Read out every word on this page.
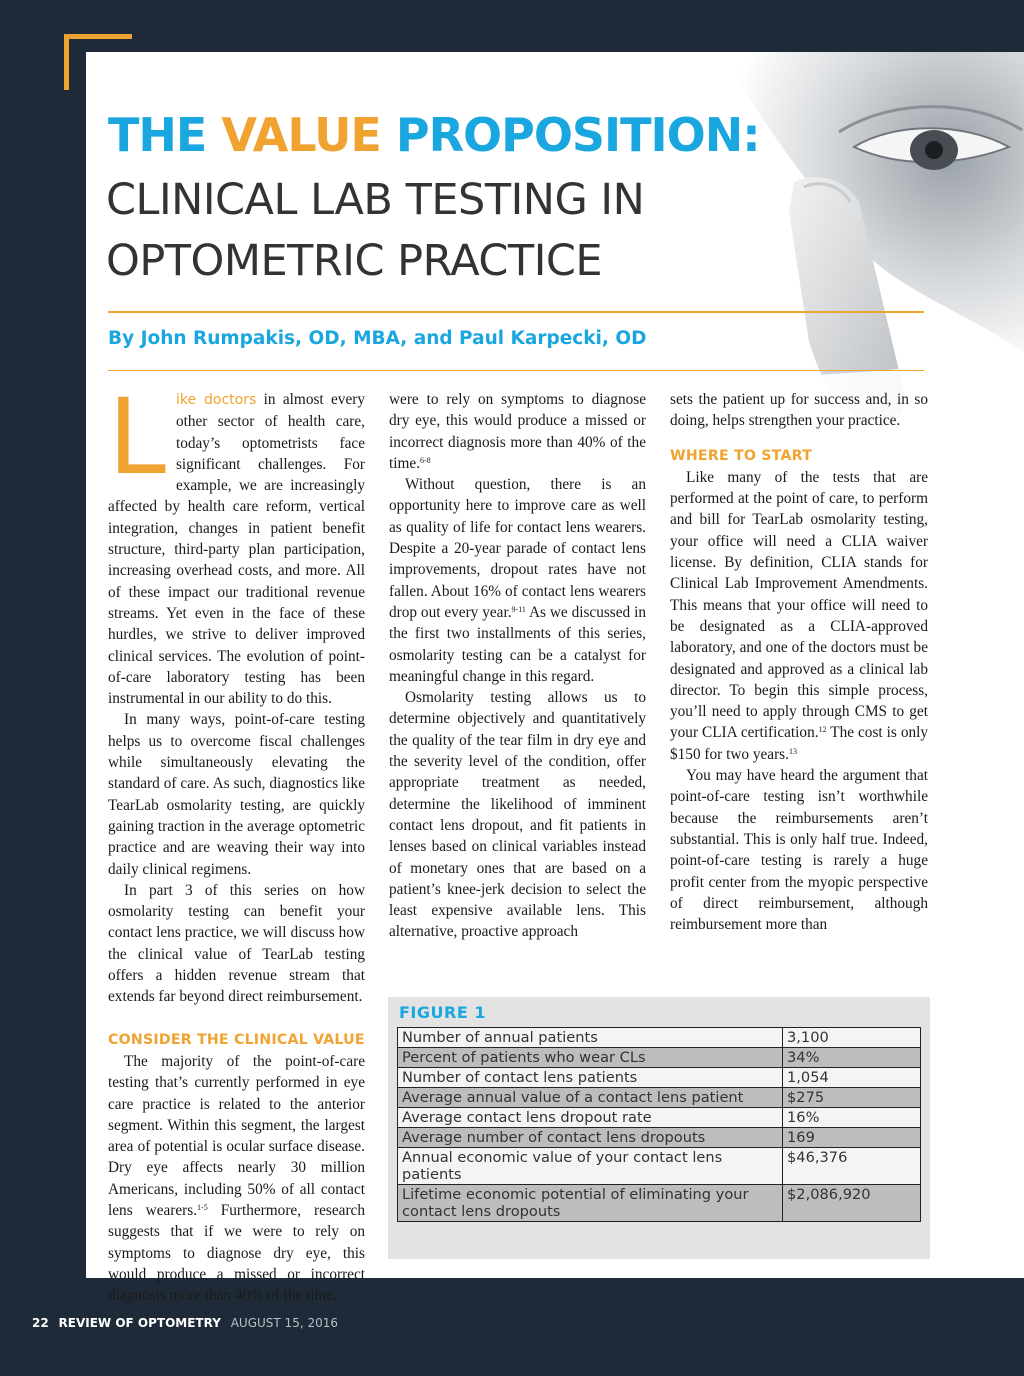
THE VALUE PROPOSITION:
CLINICAL LAB TESTING IN OPTOMETRIC PRACTICE
By John Rumpakis, OD, MBA, and Paul Karpecki, OD

Like doctors in almost every other sector of health care, today’s optometrists face significant challenges. For example, we are increasingly affected by health care reform, vertical integration, changes in patient benefit structure, third-party plan participation, increasing overhead costs, and more. All of these impact our traditional revenue streams. Yet even in the face of these hurdles, we strive to deliver improved clinical services. The evolution of point-of-care laboratory testing has been instrumental in our ability to do this.

In many ways, point-of-care testing helps us to overcome fiscal challenges while simultaneously elevating the standard of care. As such, diagnostics like TearLab osmolarity testing, are quickly gaining traction in the average optometric practice and are weaving their way into daily clinical regimens.

In part 3 of this series on how osmolarity testing can benefit your contact lens practice, we will discuss how the clinical value of TearLab testing offers a hidden revenue stream that extends far beyond direct reimbursement.

CONSIDER THE CLINICAL VALUE

The majority of the point-of-care testing that’s currently performed in eye care practice is related to the anterior segment. Within this segment, the largest area of potential is ocular surface disease. Dry eye affects nearly 30 million Americans, including 50% of all contact lens wearers.$^{1-5}$ Furthermore, research suggests that if we were to rely on symptoms to diagnose dry eye, this would produce a missed or incorrect diagnosis more than 40% of the time.

were to rely on symptoms to diagnose dry eye, this would produce a missed or incorrect diagnosis more than 40% of the time.$^{6-8}$

Without question, there is an opportunity here to improve care as well as quality of life for contact lens wearers. Despite a 20-year parade of contact lens improvements, dropout rates have not fallen. About 16% of contact lens wearers drop out every year.$^{9-11}$ As we discussed in the first two installments of this series, osmolarity testing can be a catalyst for meaningful change in this regard.

Osmolarity testing allows us to determine objectively and quantitatively the quality of the tear film in dry eye and the severity level of the condition, offer appropriate treatment as needed, determine the likelihood of imminent contact lens dropout, and fit patients in lenses based on clinical variables instead of monetary ones that are based on a patient’s knee-jerk decision to select the least expensive available lens. This alternative, proactive approach

sets the patient up for success and, in so doing, helps strengthen your practice.

WHERE TO START

Like many of the tests that are performed at the point of care, to perform and bill for TearLab osmolarity testing, your office will need a CLIA waiver license. By definition, CLIA stands for Clinical Lab Improvement Amendments. This means that your office will need to be designated as a CLIA-approved laboratory, and one of the doctors must be designated and approved as a clinical lab director. To begin this simple process, you’ll need to apply through CMS to get your CLIA certification.$^{12}$ The cost is only $150 for two years.$^{13}$

You may have heard the argument that point-of-care testing isn’t worthwhile because the reimbursements aren’t substantial. This is only half true. Indeed, point-of-care testing is rarely a huge profit center from the myopic perspective of direct reimbursement, although reimbursement more than

FIGURE 1
Number of annual patients	3,100
Percent of patients who wear CLs	34%
Number of contact lens patients	1,054
Average annual value of a contact lens patient	$275
Average contact lens dropout rate	16%
Average number of contact lens dropouts	169
Annual economic value of your contact lens patients	$46,376
Lifetime economic potential of eliminating your contact lens dropouts	$2,086,920
22 REVIEW OF OPTOMETRY AUGUST 15, 2016
